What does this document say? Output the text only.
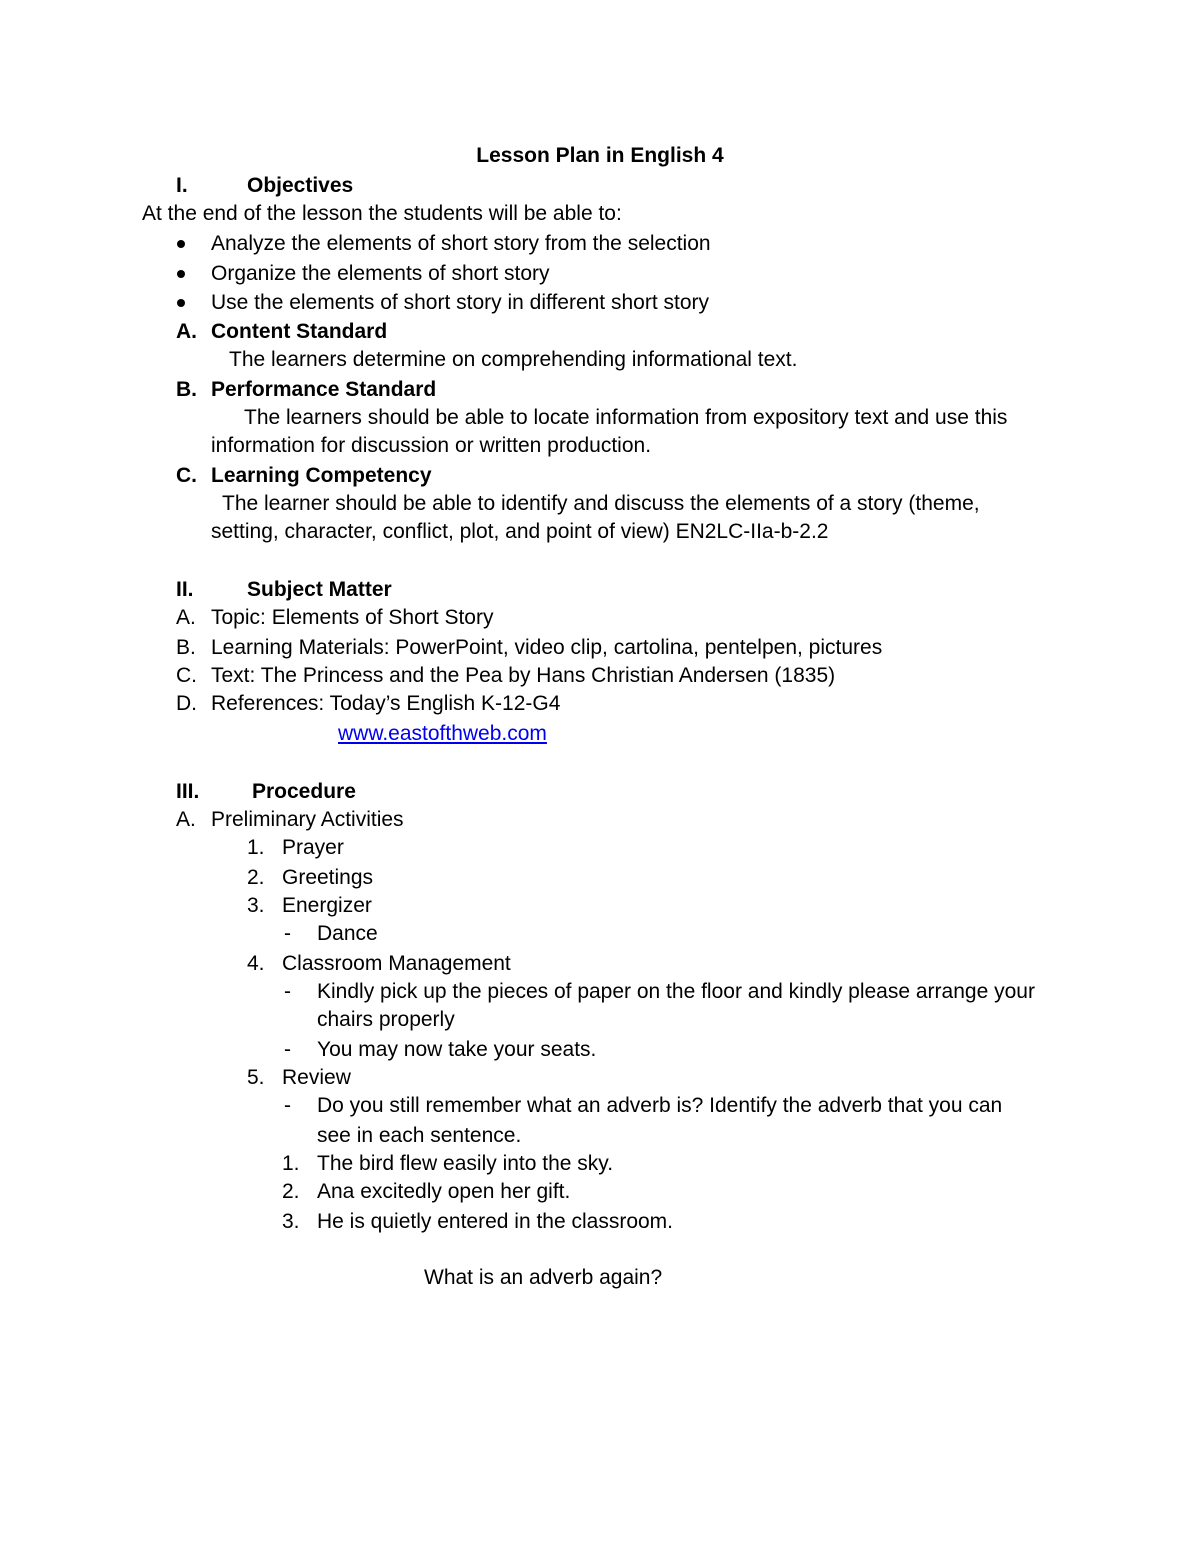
Lesson Plan in English 4
I.	Objectives
At the end of the lesson the students will be able to:
Analyze the elements of short story from the selection
Organize the elements of short story
Use the elements of short story in different short story
A. Content Standard
The learners determine on comprehending informational text.
B. Performance Standard
The learners should be able to locate information from expository text and use this
information for discussion or written production.
C. Learning Competency
The learner should be able to identify and discuss the elements of a story (theme,
setting, character, conflict, plot, and point of view) EN2LC-IIa-b-2.2
II.	Subject Matter
A. Topic: Elements of Short Story
B. Learning Materials: PowerPoint, video clip, cartolina, pentelpen, pictures
C. Text: The Princess and the Pea by Hans Christian Andersen (1835)
D. References: Today’s English K-12-G4
www.eastofthweb.com
III.	Procedure
A. Preliminary Activities
1. Prayer
2. Greetings
3. Energizer
- Dance
4. Classroom Management
- Kindly pick up the pieces of paper on the floor and kindly please arrange your
chairs properly
- You may now take your seats.
5. Review
- Do you still remember what an adverb is? Identify the adverb that you can
see in each sentence.
1. The bird flew easily into the sky.
2. Ana excitedly open her gift.
3. He is quietly entered in the classroom.
What is an adverb again?
